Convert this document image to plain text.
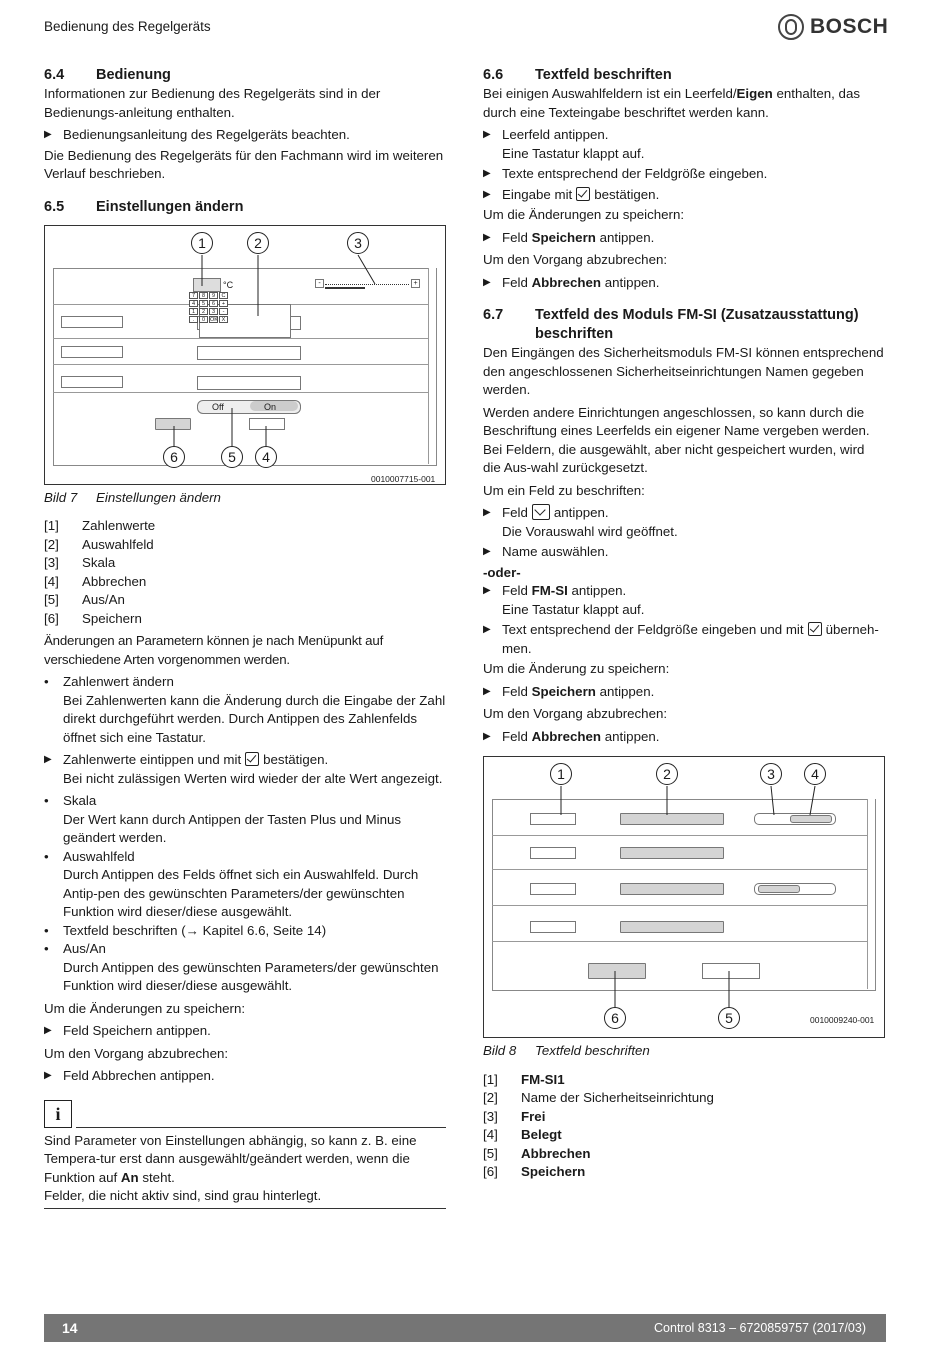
Bedienung des Regelgeräts	BOSCH
6.4	Bedienung

Informationen zur Bedienung des Regelgeräts sind in der Bedienungs-anleitung enthalten.

▶ Bedienungsanleitung des Regelgeräts beachten.

Die Bedienung des Regelgeräts für den Fachmann wird im weiteren Verlauf beschrieben.

6.5	Einstellungen ändern
°C
7	8	9	C
4	5	6	+
1	2	3	-
.	0 OK X
-	+
Off	On
1	2	3
6	5	4
0010007715-001
Bild 7	Einstellungen ändern
[1]	Zahlenwerte
[2]	Auswahlfeld
[3]	Skala
[4]	Abbrechen
[5]	Aus/An
[6]	Speichern

Änderungen an Parametern können je nach Menüpunkt auf verschiedene Arten vorgenommen werden.

•	Zahlenwert ändern
Bei Zahlenwerten kann die Änderung durch die Eingabe der Zahl direkt durchgeführt werden. Durch Antippen des Zahlenfelds öffnet sich eine Tastatur.
▶ Zahlenwerte eintippen und mit bestätigen.
Bei nicht zulässigen Werten wird wieder der alte Wert angezeigt.
•	Skala
Der Wert kann durch Antippen der Tasten Plus und Minus geändert werden.
•	Auswahlfeld
Durch Antippen des Felds öffnet sich ein Auswahlfeld. Durch Antip-pen des gewünschten Parameters/der gewünschten Funktion wird dieser/diese ausgewählt.
•	Textfeld beschriften (→ Kapitel 6.6, Seite 14)
•	Aus/An
Durch Antippen des gewünschten Parameters/der gewünschten Funktion wird dieser/diese ausgewählt.

Um die Änderungen zu speichern:

▶ Feld Speichern antippen.

Um den Vorgang abzubrechen:

▶ Feld Abbrechen antippen.
i
Sind Parameter von Einstellungen abhängig, so kann z. B. eine Tempera-tur erst dann ausgewählt/geändert werden, wenn die Funktion auf An steht.
Felder, die nicht aktiv sind, sind grau hinterlegt.
6.6	Textfeld beschriften

Bei einigen Auswahlfeldern ist ein Leerfeld/Eigen enthalten, das durch eine Texteingabe beschriftet werden kann.

▶ Leerfeld antippen.
Eine Tastatur klappt auf.
▶ Texte entsprechend der Feldgröße eingeben.
▶ Eingabe mit bestätigen.

Um die Änderungen zu speichern:

▶ Feld Speichern antippen.

Um den Vorgang abzubrechen:

▶ Feld Abbrechen antippen.
6.7	Textfeld des Moduls FM-SI (Zusatzausstattung) beschriften

Den Eingängen des Sicherheitsmoduls FM-SI können entsprechend den angeschlossenen Sicherheitseinrichtungen Namen gegeben werden.

Werden andere Einrichtungen angeschlossen, so kann durch die Beschriftung eines Leerfelds ein eigener Name vergeben werden. Bei Feldern, die ausgewählt, aber nicht gespeichert wurden, wird die Aus-wahl zurückgesetzt.

Um ein Feld zu beschriften:

▶ Feld antippen.
Die Vorauswahl wird geöffnet.
▶ Name auswählen.
-oder-
▶ Feld FM-SI antippen.
Eine Tastatur klappt auf.
▶ Text entsprechend der Feldgröße eingeben und mit überneh-men.

Um die Änderung zu speichern:

▶ Feld Speichern antippen.

Um den Vorgang abzubrechen:

▶ Feld Abbrechen antippen.
1	2	3	4
6	5	0010009240-001
Bild 8	Textfeld beschriften
[1]	FM-SI1
[2]	Name der Sicherheitseinrichtung
[3]	Frei
[4]	Belegt
[5]	Abbrechen
[6]	Speichern
14	Control 8313 – 6720859757 (2017/03)
